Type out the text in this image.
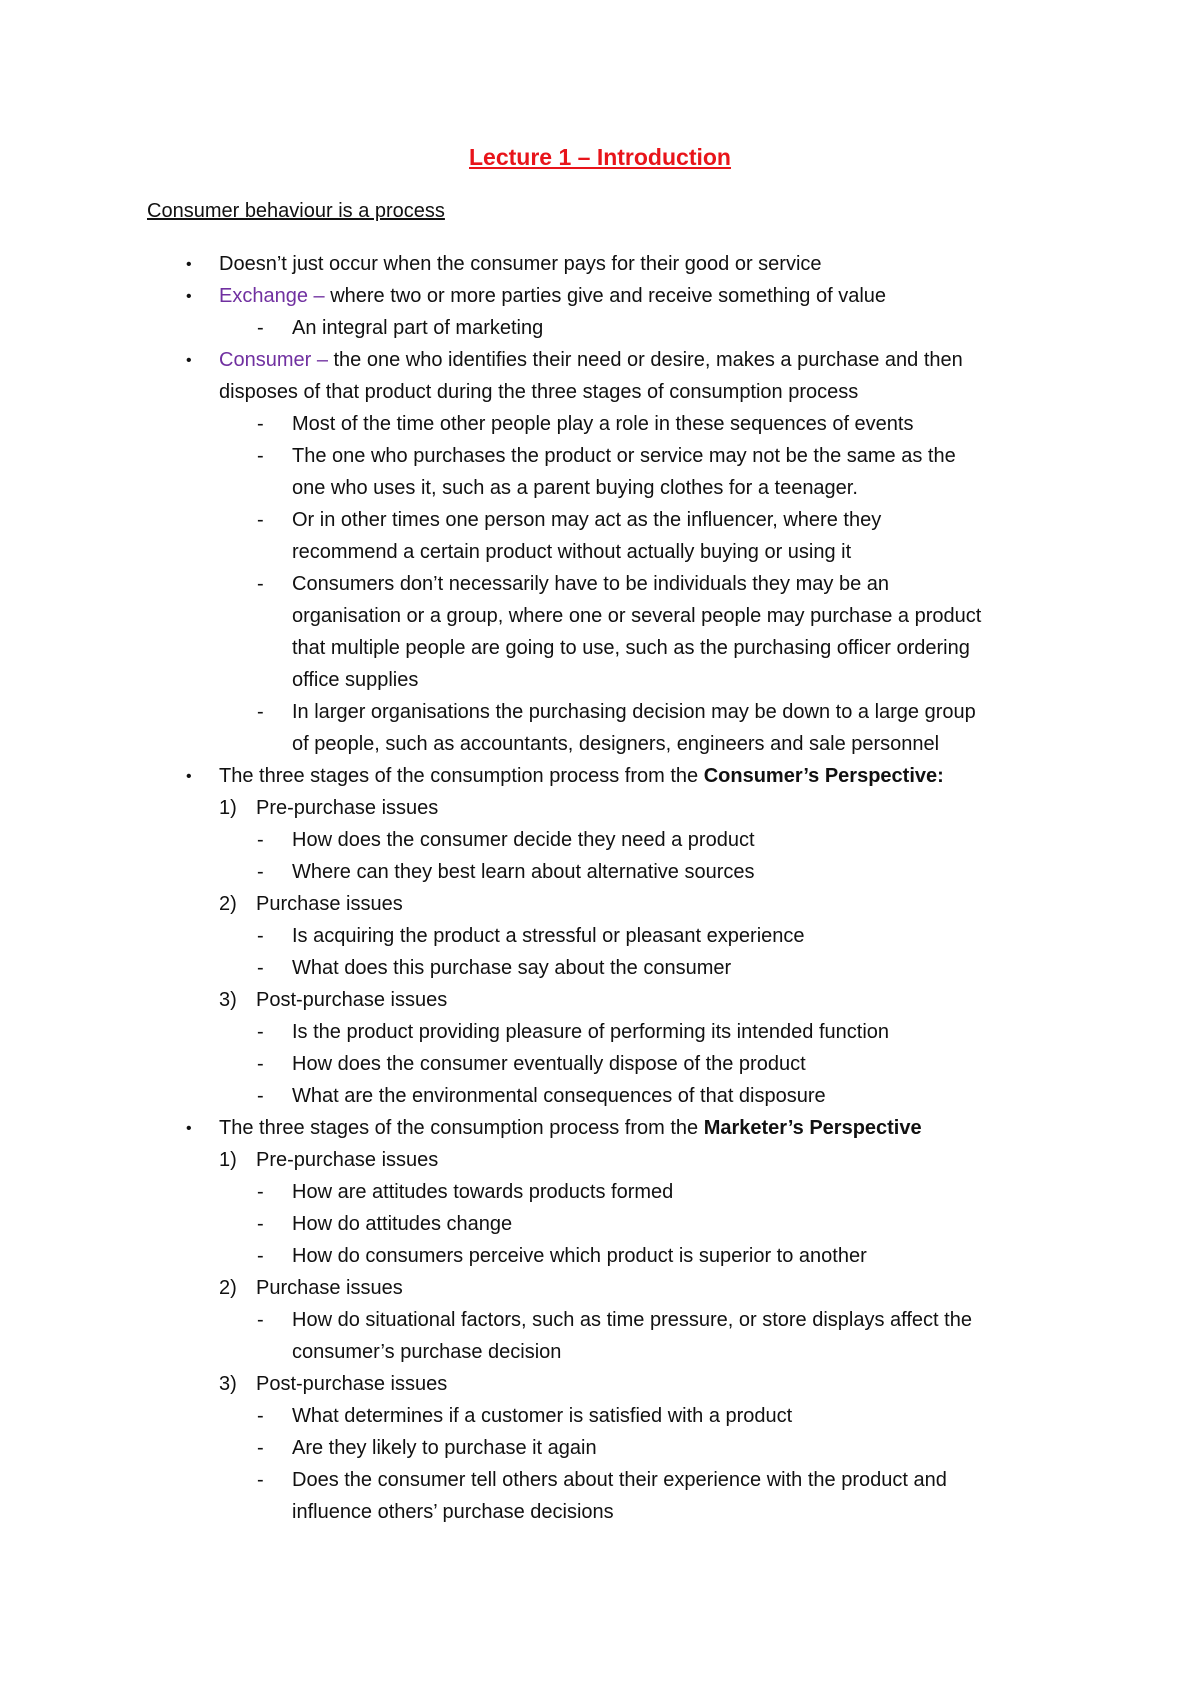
Lecture 1 – Introduction
Consumer behaviour is a process
• Doesn’t just occur when the consumer pays for their good or service
• Exchange – where two or more parties give and receive something of value
- An integral part of marketing
• Consumer – the one who identifies their need or desire, makes a purchase and then
disposes of that product during the three stages of consumption process
- Most of the time other people play a role in these sequences of events
- The one who purchases the product or service may not be the same as the
one who uses it, such as a parent buying clothes for a teenager.
- Or in other times one person may act as the influencer, where they
recommend a certain product without actually buying or using it
- Consumers don’t necessarily have to be individuals they may be an
organisation or a group, where one or several people may purchase a product
that multiple people are going to use, such as the purchasing officer ordering
office supplies
- In larger organisations the purchasing decision may be down to a large group
of people, such as accountants, designers, engineers and sale personnel
• The three stages of the consumption process from the Consumer’s Perspective:
1) Pre-purchase issues
- How does the consumer decide they need a product
- Where can they best learn about alternative sources
2) Purchase issues
- Is acquiring the product a stressful or pleasant experience
- What does this purchase say about the consumer
3) Post-purchase issues
- Is the product providing pleasure of performing its intended function
- How does the consumer eventually dispose of the product
- What are the environmental consequences of that disposure
• The three stages of the consumption process from the Marketer’s Perspective
1) Pre-purchase issues
- How are attitudes towards products formed
- How do attitudes change
- How do consumers perceive which product is superior to another
2) Purchase issues
- How do situational factors, such as time pressure, or store displays affect the
consumer’s purchase decision
3) Post-purchase issues
- What determines if a customer is satisfied with a product
- Are they likely to purchase it again
- Does the consumer tell others about their experience with the product and
influence others’ purchase decisions
